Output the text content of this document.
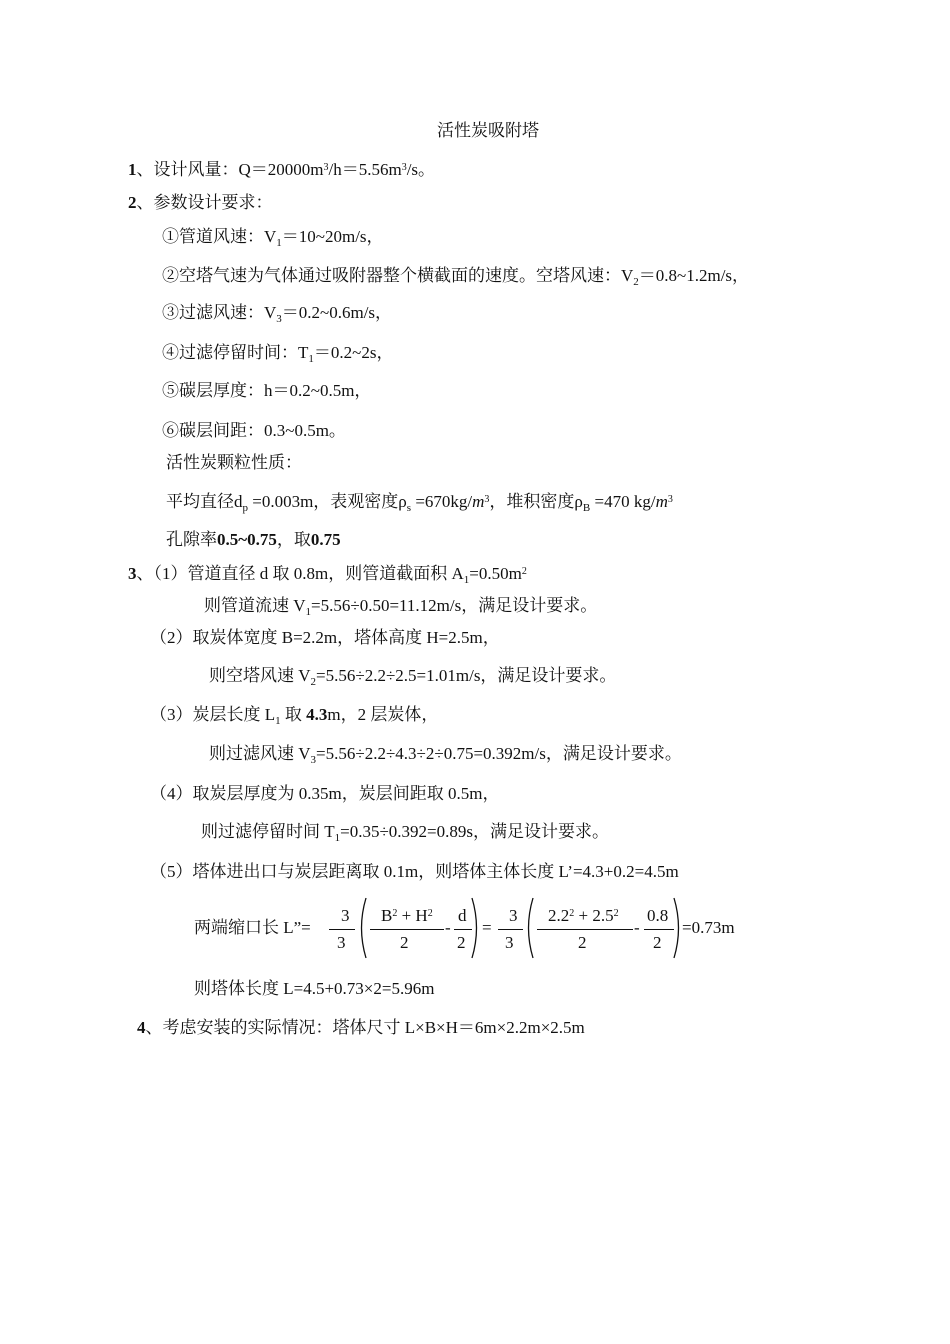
活性炭吸附塔
1、设计风量：$Q=20000m^3/h=5.56m^3/s$。
2、参数设计要求：
①管道风速：$V_1=10\sim 20m/s$，
②空塔气速为气体通过吸附器整个横截面的速度。空塔风速：$V_2=0.8\sim 1.2m/s$，
③过滤风速：$V_3=0.2\sim 0.6m/s$，
④过滤停留时间：$T_1=0.2\sim 2s$，
⑤碳层厚度：h＝0.2~0.5m，
⑥碳层间距：0.3~0.5m。
活性炭颗粒性质：
平均直径$d_p =0.003m$，表观密度$\rho_s =670kg/m^3$，堆积密度$\rho_B =470$ $kg/m^3$
孔隙率0.5~0.75，取0.75
3、（1）管道直径 d 取 0.8m，则管道截面积 $A_1=0.50m^2$
则管道流速 $V_1=5.56\div 0.50=11.12m/s$，满足设计要求。
（2）取炭体宽度 B=2.2m，塔体高度 H=2.5m，
则空塔风速 $V_2=5.56\div 2.2\div 2.5=1.01m/s$，满足设计要求。
（3）炭层长度 $L_1$ 取 4.3m，2 层炭体，
则过滤风速 $V_3=5.56\div 2.2\div 4.3\div 2\div 0.75=0.392m/s$，满足设计要求。
（4）取炭层厚度为 0.35m，炭层间距取 0.5m，
则过滤停留时间 $T_1=0.35\div 0.392=0.89s$，满足设计要求。
（5）塔体进出口与炭层距离取 0.1m，则塔体主体长度 L’=4.3+0.2=4.5m
两端缩口长 L”=
3
3
$B^2 + H^2$
2
-
d
2
=
3
3
$2.2^2 + 2.5^2$
2
-
0.8
2
=0.73m
则塔体长度 L=4.5+0.73×2=5.96m
4、考虑安装的实际情况：塔体尺寸 L×B×H＝6m×2.2m×2.5m
